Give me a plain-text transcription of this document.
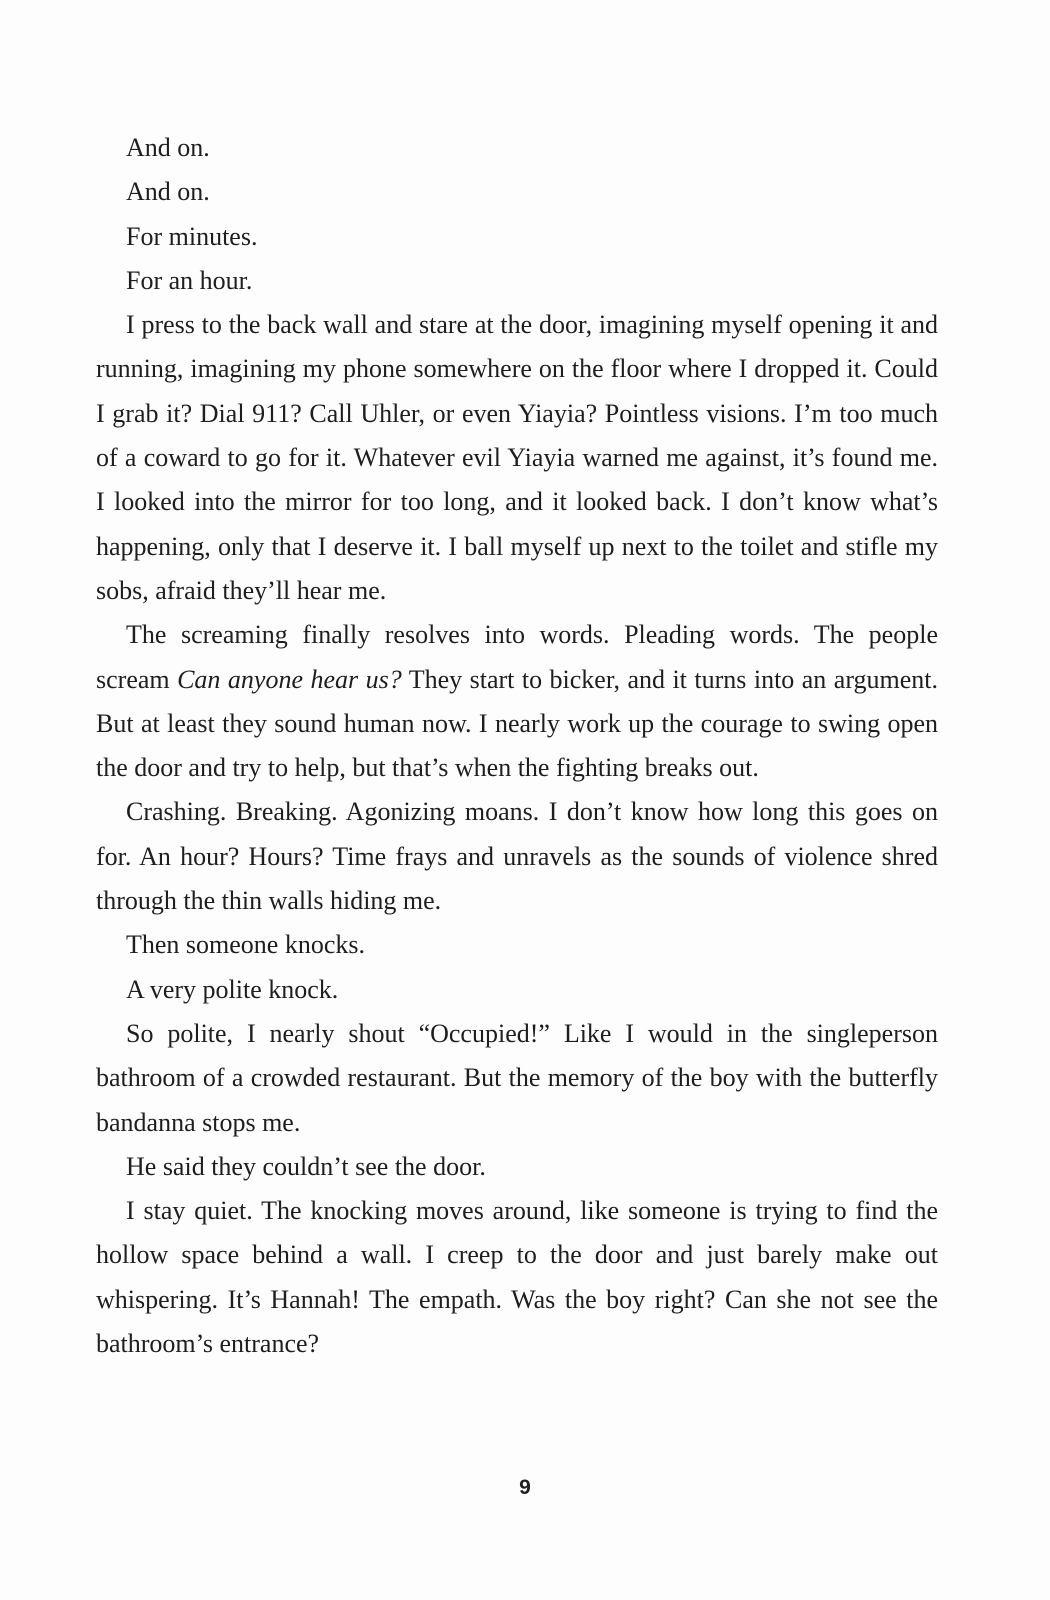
And on.

And on.

For minutes.

For an hour.

I press to the back wall and stare at the door, imagining myself opening it and running, imagining my phone somewhere on the floor where I dropped it. Could I grab it? Dial 911? Call Uhler, or even Yiayia? Pointless visions. I’m too much of a coward to go for it. Whatever evil Yiayia warned me against, it’s found me. I looked into the mirror for too long, and it looked back. I don’t know what’s happening, only that I deserve it. I ball myself up next to the toilet and stifle my sobs, afraid they’ll hear me.

The screaming finally resolves into words. Pleading words. The people scream Can anyone hear us? They start to bicker, and it turns into an argument. But at least they sound human now. I nearly work up the courage to swing open the door and try to help, but that’s when the fighting breaks out.

Crashing. Breaking. Agonizing moans. I don’t know how long this goes on for. An hour? Hours? Time frays and unravels as the sounds of violence shred through the thin walls hiding me.

Then someone knocks.

A very polite knock.

So polite, I nearly shout “Occupied!” Like I would in the singleperson bathroom of a crowded restaurant. But the memory of the boy with the butterfly bandanna stops me.

He said they couldn’t see the door.

I stay quiet. The knocking moves around, like someone is trying to find the hollow space behind a wall. I creep to the door and just barely make out whispering. It’s Hannah! The empath. Was the boy right? Can she not see the bathroom’s entrance?

9
